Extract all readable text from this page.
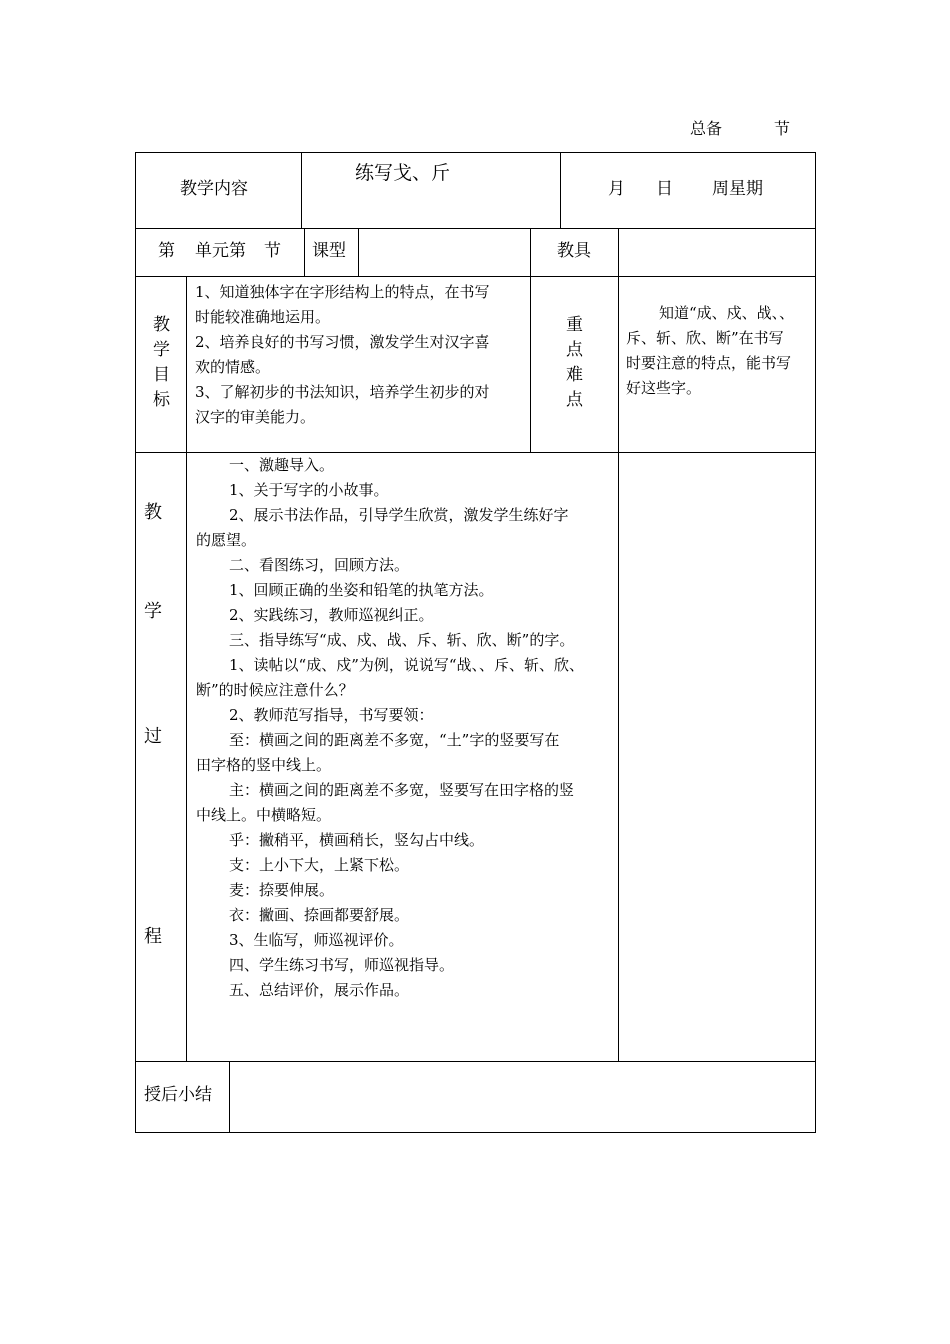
总备	节
教学内容
练写戈、斤
月 日 周星期
第 单元第 节 课型	教具
教
学
目
标
1、知道独体字在字形结构上的特点，在书写
时能较准确地运用。
2、培养良好的书写习惯，激发学生对汉字喜
欢的情感。
3、了解初步的书法知识，培养学生初步的对
汉字的审美能力。
重
点
难
点
知道“成、戍、战、、
斥、斩、欣、断”在书写
时要注意的特点，能书写
好这些字。
教
学
过
程
一、激趣导入。
1、关于写字的小故事。
2、展示书法作品，引导学生欣赏，激发学生练好字
的愿望。
二、看图练习，回顾方法。
1、回顾正确的坐姿和铅笔的执笔方法。
2、实践练习，教师巡视纠正。
三、指导练写“成、戍、战、斥、斩、欣、断”的字。
1、读帖以“成、戍”为例，说说写“战、、斥、斩、欣、
断”的时候应注意什么？
2、教师范写指导，书写要领：
至：横画之间的距离差不多宽，“土”字的竖要写在
田字格的竖中线上。
主：横画之间的距离差不多宽，竖要写在田字格的竖
中线上。中横略短。
乎：撇稍平，横画稍长，竖勾占中线。
支：上小下大，上紧下松。
麦：捺要伸展。
衣：撇画、捺画都要舒展。
3、生临写，师巡视评价。
四、学生练习书写，师巡视指导。
五、总结评价，展示作品。
授后小结
